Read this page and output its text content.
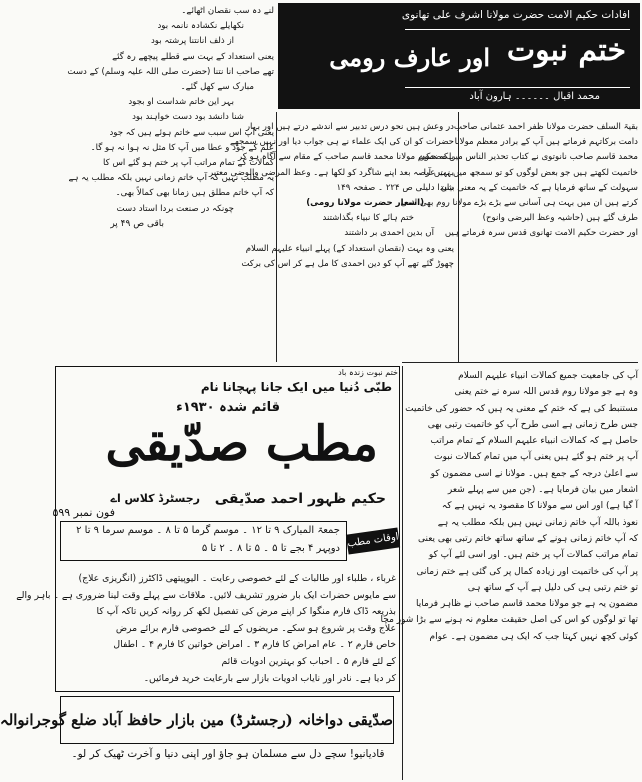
افادات حکیم الامت حضرت مولانا اشرف علی تھانوی
ختم نبوت
اور عارف رومی
محمد اقبال ۔۔۔۔۔۔ ہارون آباد

لنے دہ سب نقصان اٹھائے۔

نکھایلے نکشادہ نانمہ بود

از ذلف انانتنا پرشتہ بود

یعنی استعداد کے بہت سے قطلے پیچھے رہ گئے

تھے صاحب انا نتنا (حضرت صلی اللہ علیہ وسلم) کے دست

مبارک سے کھل گئے۔

بہر این خاتم شداست او بجود

شنا دانشد بود دست خواہند بود

یعنی آپ اس سبب سے خاتم ہوئے ہیں کہ جود

علم کے جود و عطا میں آپ کا مثل نہ ہوا نہ ہو گا۔

کمالات کے تمام مراتب آپ پر ختم ہو گئے اس کا

یہ مطلب نہیں کہ آپ خاتم زمانی نہیں بلکہ مطلب یہ ہے

کہ آپ خاتم مطلق ہیں زمانا بھی کمالاً بھی۔

چونکہ در صنعت بردا استاد دست

باقی ص ۴۹ پر

بقیۃ السلف حضرت مولانا ظفر احمد عثمانی صاحب

دامت برکاتہم فرماتے ہیں آپ کے برادر معظم مولانا

محمد قاسم صاحب نانوتوی نے کتاب تحذیر الناس میں مضمون

خاتمیت لکھتے ہیں جو بعض لوگوں کو تو سمجھ میں نہیں آیا

سہولت کے ساتھ فرمایا ہے کہ خاتمیت کے یہ معنی بیان

کرتے ہیں ان میں بہت ہی آسانی سے بڑے بڑے مولانا روم بھی اسی

طرف گئے ہیں (حاشیہ وعظ البرضی وانوح)

اور حضرت حکیم الامت تھانوی قدس سرہ فرماتے ہیں

در وعش ہیں نحو درس تدبیر سے اندشے درتے ہیں اور بہار

حضرات کو ان کی ایک علماء نے ہی جواب دیا اور نہیں سمجھے

بلکہ حکیم مولانا محمد قاسم صاحب کے مقام سے آگاہ ہو کر

بہت عرصہ بعد اپنے شاگرد کو لکھا ہے۔ وعظ المرضی والوضی معتبر

شیدا دلیلی ص ۲۲۴ ۔ صفحہ ۱۴۹

(اشعار حضرت مولانا رومی)

ختم ہائے کا نبیاء بگذاشتند

آں بدین احمدی بر داشتند

یعنی وہ بہت (نقصان استعداد کے) پہلے انبیاء علیہم السلام

چھوڑ گئے تھے آپ کو دین احمدی کا مل ہے کر اس کی برکت

آپ کی جامعیت جمیع کمالات انبیاء علیہم السلام

وہ ہے جو مولانا روم قدس اللہ سرہ نے ختم یعنی

مستنبط کی ہے کہ ختم کے معنی یہ ہیں کہ حضور کی خاتمیت

جس طرح زمانی ہے اسی طرح آپ کو خاتمیت رتبی بھی

حاصل ہے کہ کمالات انبیاء علیہم السلام کے تمام مراتب

آپ پر ختم ہو گئے ہیں یعنی آپ میں تمام کمالات نبوت

سے اعلیٰ درجہ کے جمع ہیں۔ مولانا نے اسی مضمون کو

اشعار میں بیان فرمایا ہے۔ (جن میں سے پہلے شعر

آ گیا ہے) اور اس سے مولانا کا مقصود یہ نہیں ہے کہ

نعوذ باللہ آپ خاتم زمانی نہیں ہیں بلکہ مطلب یہ ہے

کہ آپ خاتم زمانی ہونے کے ساتھ ساتھ خاتم رتبی بھی یعنی

تمام مراتب کمالات آپ پر ختم ہیں۔ اور اسی لئے آپ کو

پر آپ کی خاتمیت اور زیادہ کمال پر کی گئی ہے ختم زمانی

تو ختم رتبی ہی کی دلیل ہے آپ کے ساتھ ہی

مضمون یہ ہے جو مولانا محمد قاسم صاحب نے ظاہر فرمایا

تھا تو لوگوں کو اس کی اصل حقیقت معلوم نہ ہونے سے بڑا شور مچا

کوئی کچھ نہیں کہتا جب کہ ایک ہی مضمون ہے۔ عوام

ختم نبوت زندہ باد
طبّی دُنیا میں ایک جانا پہچانا نام
قائم شدہ ۱۹۳۰ء
مطب صدّیقی
حکیم ظہور احمد صدّیقی
رجسٹرڈ کلاس اے
فون نمبر ۵۹۹
جمعۃ المبارک ۹ تا ۱۲ ۔ موسم گرما ۵ تا ۸ ۔ موسم سرما ۹ تا ۲
دوپہر ۴ بجے تا ۵ ۔ ۵ تا ۸ ۔ ۲ تا ۵ اوقات مطب

غرباء ، طلباء اور طالبات کے لئے خصوصی رعایت ۔ الیوپیتھی ڈاکٹرز (انگریزی علاج)

سے مایوس حضرات ایک بار ضرور تشریف لائیں۔ ملاقات سے پہلے وقت لینا ضروری ہے ۔ باہر والے

بذریعہ ڈاک فارم منگوا کر اپنے مرض کی تفصیل لکھ کر روانہ کریں تاکہ آپ کا

علاج وقت پر شروع ہو سکے۔ مریضوں کے لئے خصوصی فارم برائے مرض

خاص فارم ۲ ۔ عام امراض کا فارم ۳ ۔ امراض خواتین کا فارم ۴ ۔ اطفال

کے لئے فارم ۵ ۔ احباب کو بہترین ادویات قائم

کر دیا ہے۔ نادر اور نایاب ادویات بازار سے بارعایت خرید فرمائیں۔

صدّیقی دواخانہ (رجسٹرڈ) مین بازار حافظ آباد ضلع گوجرانوالہ
قادیانیو! سچے دل سے مسلمان ہو جاؤ اور اپنی دنیا و آخرت ٹھیک کر لو۔
